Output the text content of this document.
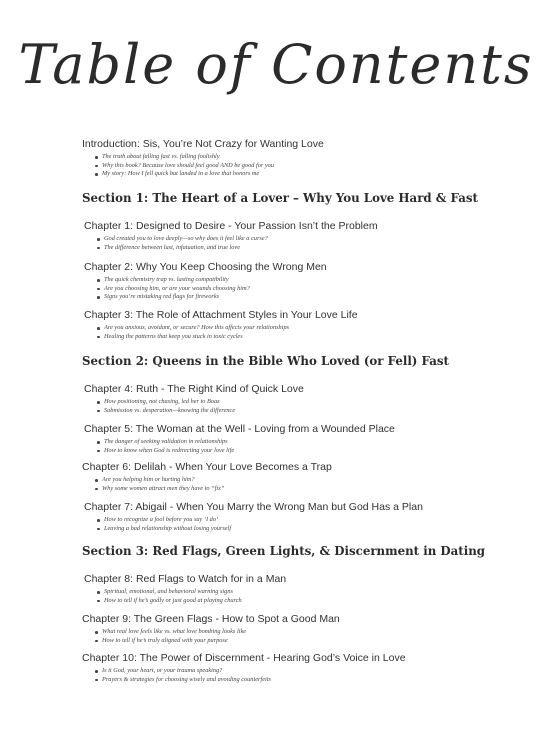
Table of Contents
Introduction: Sis, You’re Not Crazy for Wanting Love
The truth about falling fast vs. falling foolishly
Why this book? Because love should feel good AND be good for you
My story: How I fell quick but landed in a love that honors me
Section 1: The Heart of a Lover – Why You Love Hard & Fast
Chapter 1: Designed to Desire - Your Passion Isn’t the Problem
God created you to love deeply—so why does it feel like a curse?
The difference between lust, infatuation, and true love
Chapter 2: Why You Keep Choosing the Wrong Men
The quick chemistry trap vs. lasting compatibility
Are you choosing him, or are your wounds choosing him?
Signs you’re mistaking red flags for fireworks
Chapter 3: The Role of Attachment Styles in Your Love Life
Are you anxious, avoidant, or secure? How this affects your relationships
Healing the patterns that keep you stuck in toxic cycles
Section 2: Queens in the Bible Who Loved (or Fell) Fast
Chapter 4: Ruth - The Right Kind of Quick Love
How positioning, not chasing, led her to Boaz
Submission vs. desperation—knowing the difference
Chapter 5: The Woman at the Well - Loving from a Wounded Place
The danger of seeking validation in relationships
How to know when God is redirecting your love life
Chapter 6: Delilah - When Your Love Becomes a Trap
Are you helping him or hurting him?
Why some women attract men they have to “fix”
Chapter 7: Abigail - When You Marry the Wrong Man but God Has a Plan
How to recognize a fool before you say ‘I do’
Leaving a bad relationship without losing yourself
Section 3: Red Flags, Green Lights, & Discernment in Dating
Chapter 8: Red Flags to Watch for in a Man
Spiritual, emotional, and behavioral warning signs
How to tell if he’s godly or just good at playing church
Chapter 9: The Green Flags - How to Spot a Good Man
What real love feels like vs. what love bombing looks like
How to tell if he’s truly aligned with your purpose
Chapter 10: The Power of Discernment - Hearing God’s Voice in Love
Is it God, your heart, or your trauma speaking?
Prayers & strategies for choosing wisely and avoiding counterfeits
